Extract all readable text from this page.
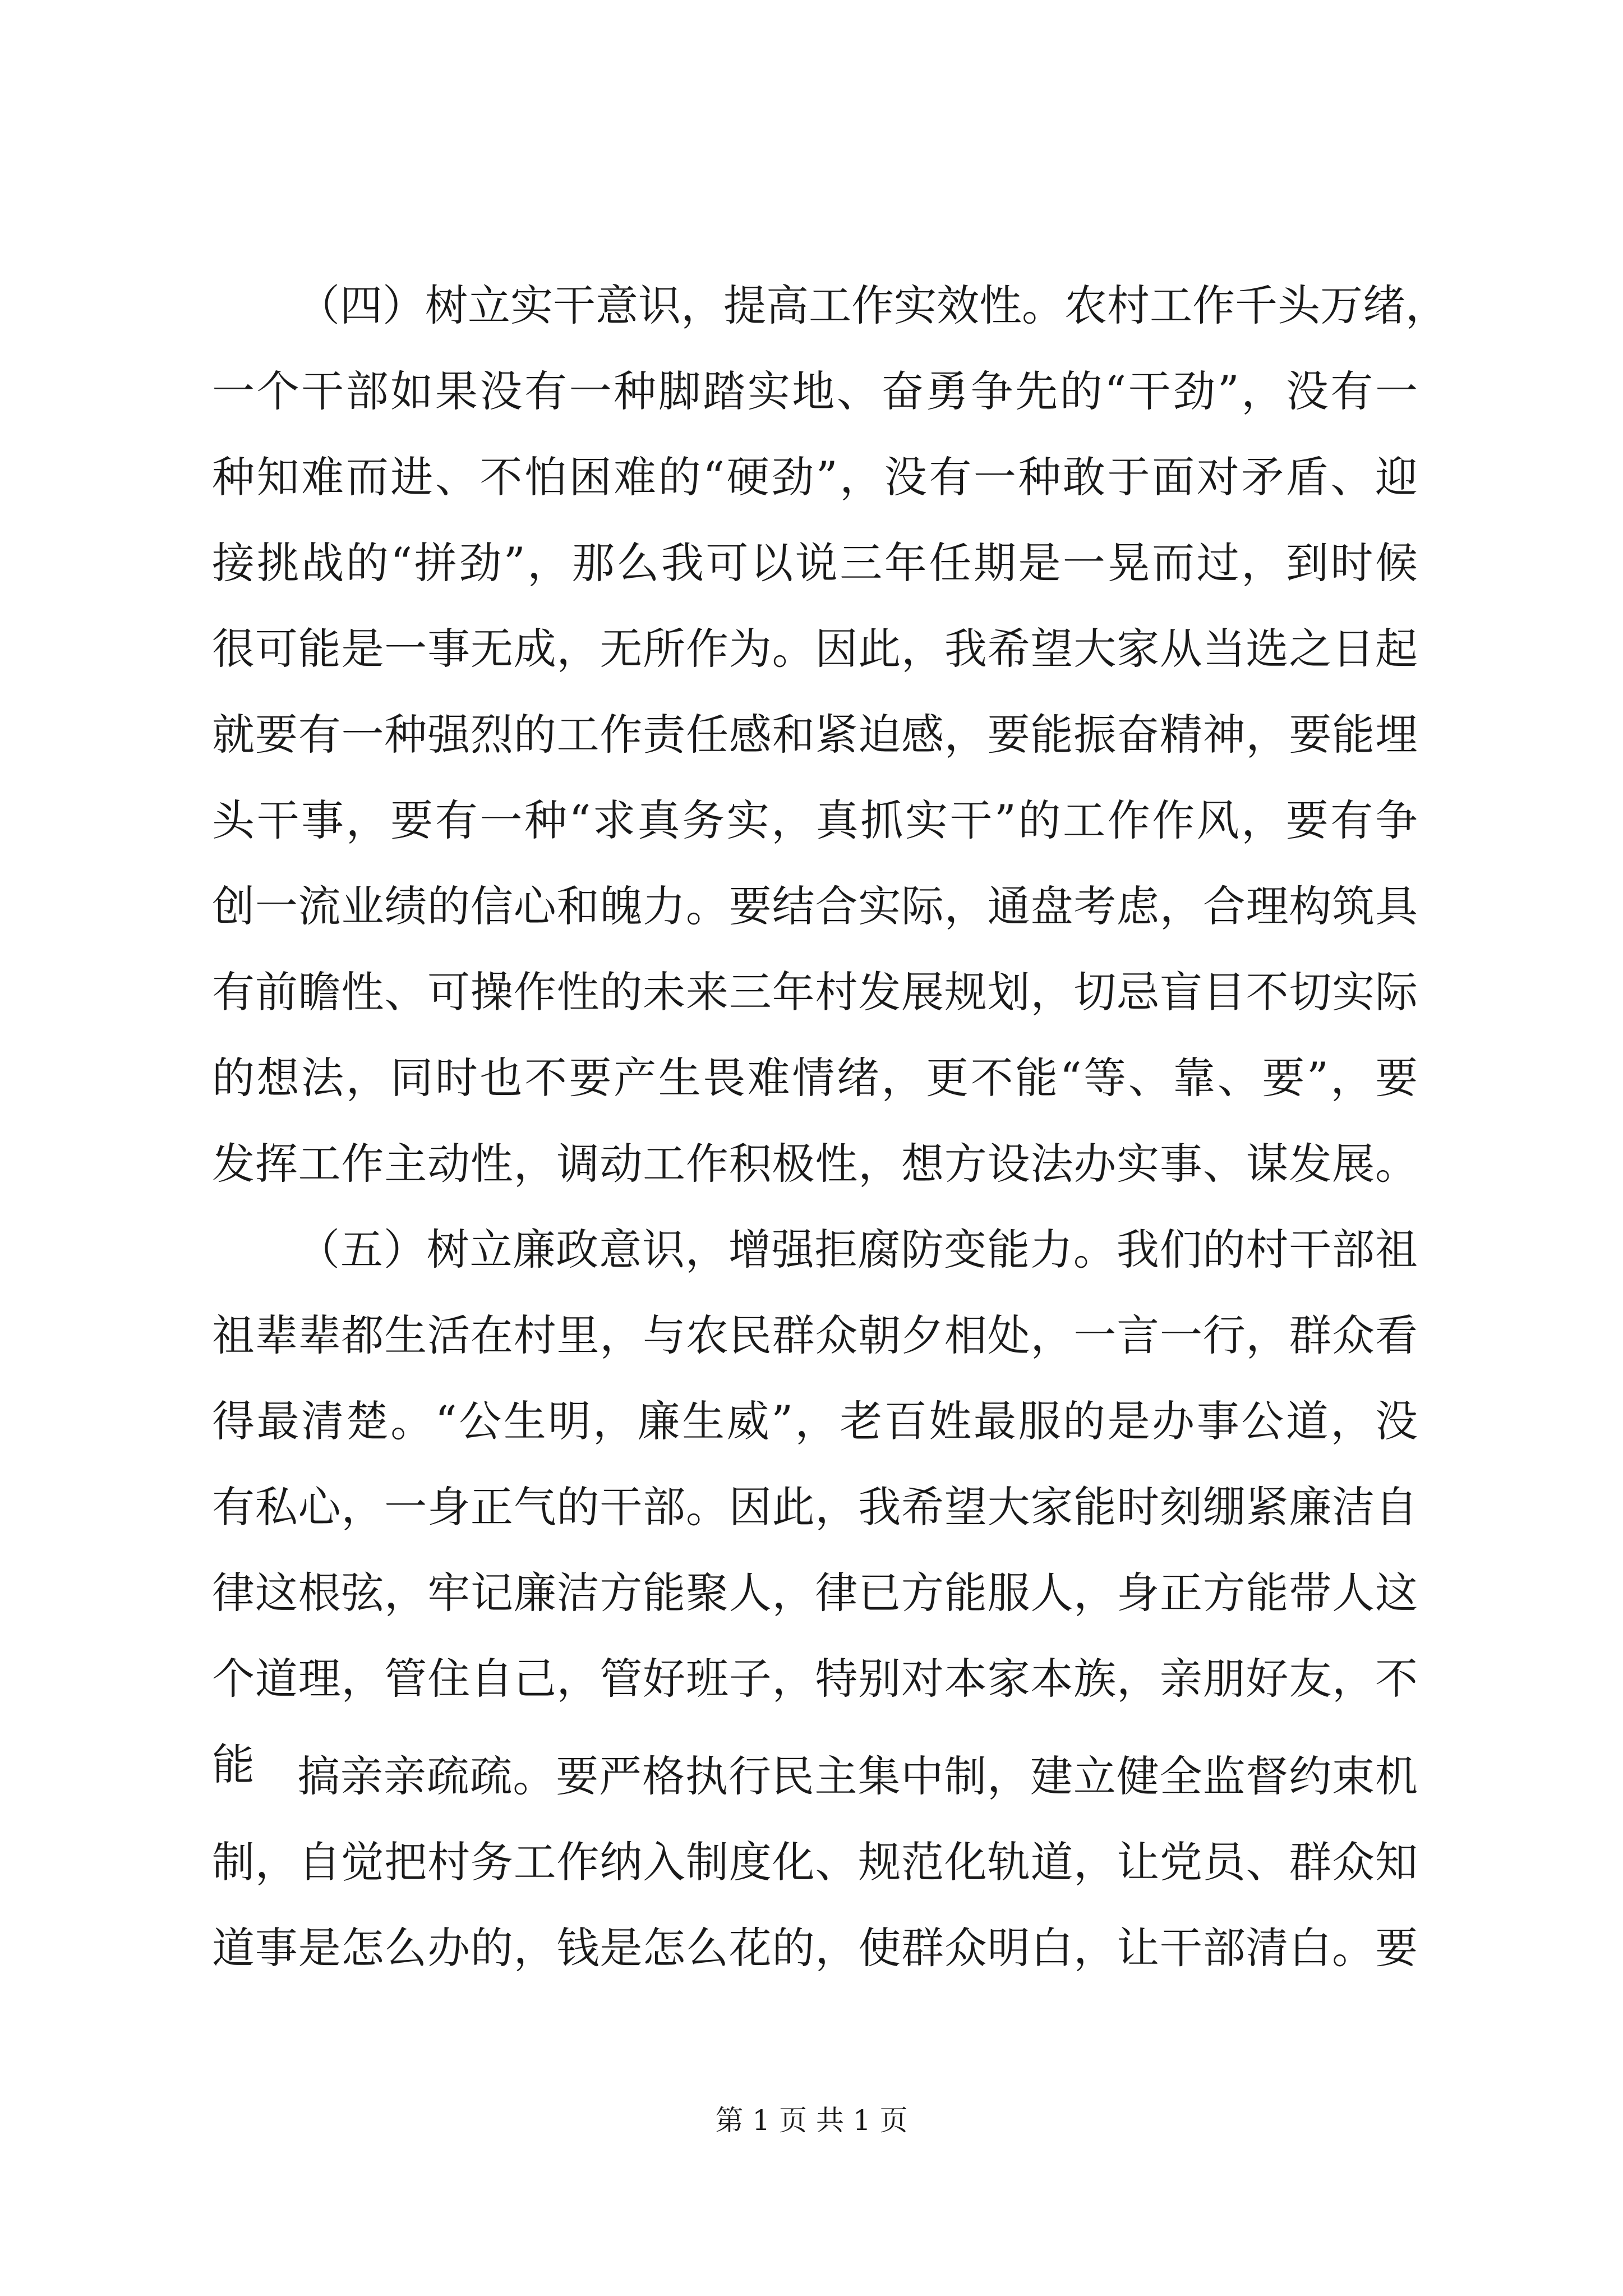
（四）树立实干意识，提高工作实效性。农村工作千头万绪，
一个干部如果没有一种脚踏实地、奋勇争先的“干劲”，没有一
种知难而进、不怕困难的“硬劲”，没有一种敢于面对矛盾、迎
接挑战的“拼劲”，那么我可以说三年任期是一晃而过，到时候
很可能是一事无成，无所作为。因此，我希望大家从当选之日起
就要有一种强烈的工作责任感和紧迫感，要能振奋精神，要能埋
头干事，要有一种“求真务实，真抓实干”的工作作风，要有争
创一流业绩的信心和魄力。要结合实际，通盘考虑，合理构筑具
有前瞻性、可操作性的未来三年村发展规划，切忌盲目不切实际
的想法，同时也不要产生畏难情绪，更不能“等、靠、要”，要
发挥工作主动性，调动工作积极性，想方设法办实事、谋发展。
（五）树立廉政意识，增强拒腐防变能力。我们的村干部祖
祖辈辈都生活在村里，与农民群众朝夕相处，一言一行，群众看
得最清楚。“公生明，廉生威”，老百姓最服的是办事公道，没
有私心，一身正气的干部。因此，我希望大家能时刻绷紧廉洁自
律这根弦，牢记廉洁方能聚人，律已方能服人，身正方能带人这
个道理，管住自己，管好班子，特别对本家本族，亲朋好友，不
能	搞亲亲疏疏。要严格执行民主集中制，建立健全监督约束机
制，自觉把村务工作纳入制度化、规范化轨道，让党员、群众知
道事是怎么办的，钱是怎么花的，使群众明白，让干部清白。要
第 1 页 共 1 页
